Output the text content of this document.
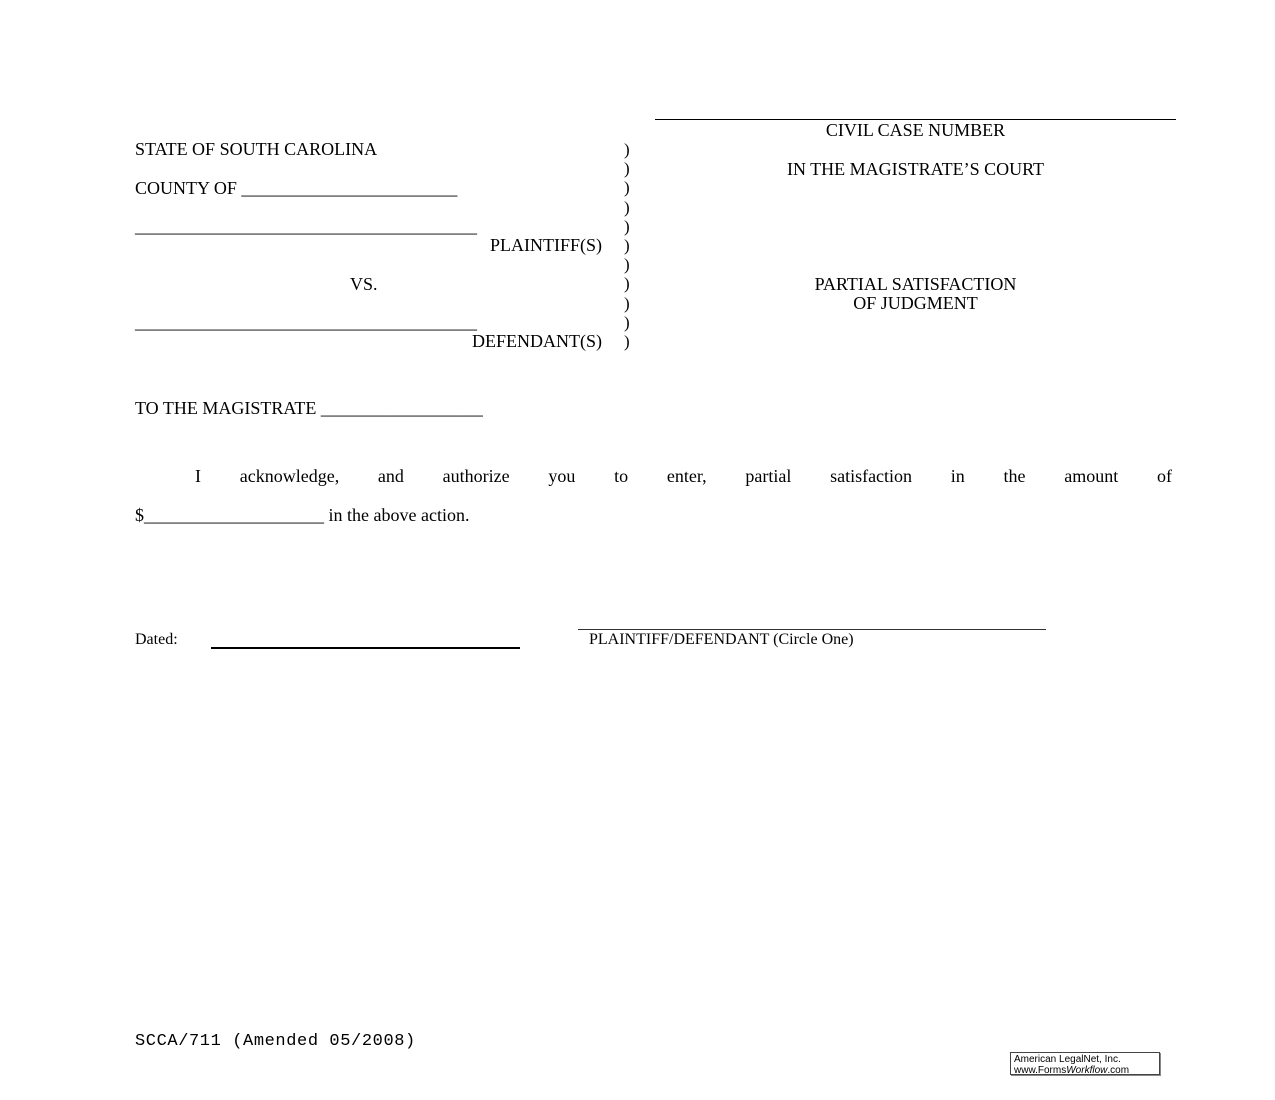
CIVIL CASE NUMBER
IN THE MAGISTRATE’S COURT
PARTIAL SATISFACTION
OF JUDGMENT
STATE OF SOUTH CAROLINA
COUNTY OF ________________________
______________________________________
PLAINTIFF(S)
VS.
______________________________________
DEFENDANT(S)
)
)
)
)
)
)
)
)
)
)
)
TO THE MAGISTRATE __________________
I acknowledge, and authorize you to enter, partial satisfaction in the amount of
$____________________ in the above action.
Dated:	PLAINTIFF/DEFENDANT (Circle One)
SCCA/711 (Amended 05/2008)
American LegalNet, Inc.
www.FormsWorkflow.com
